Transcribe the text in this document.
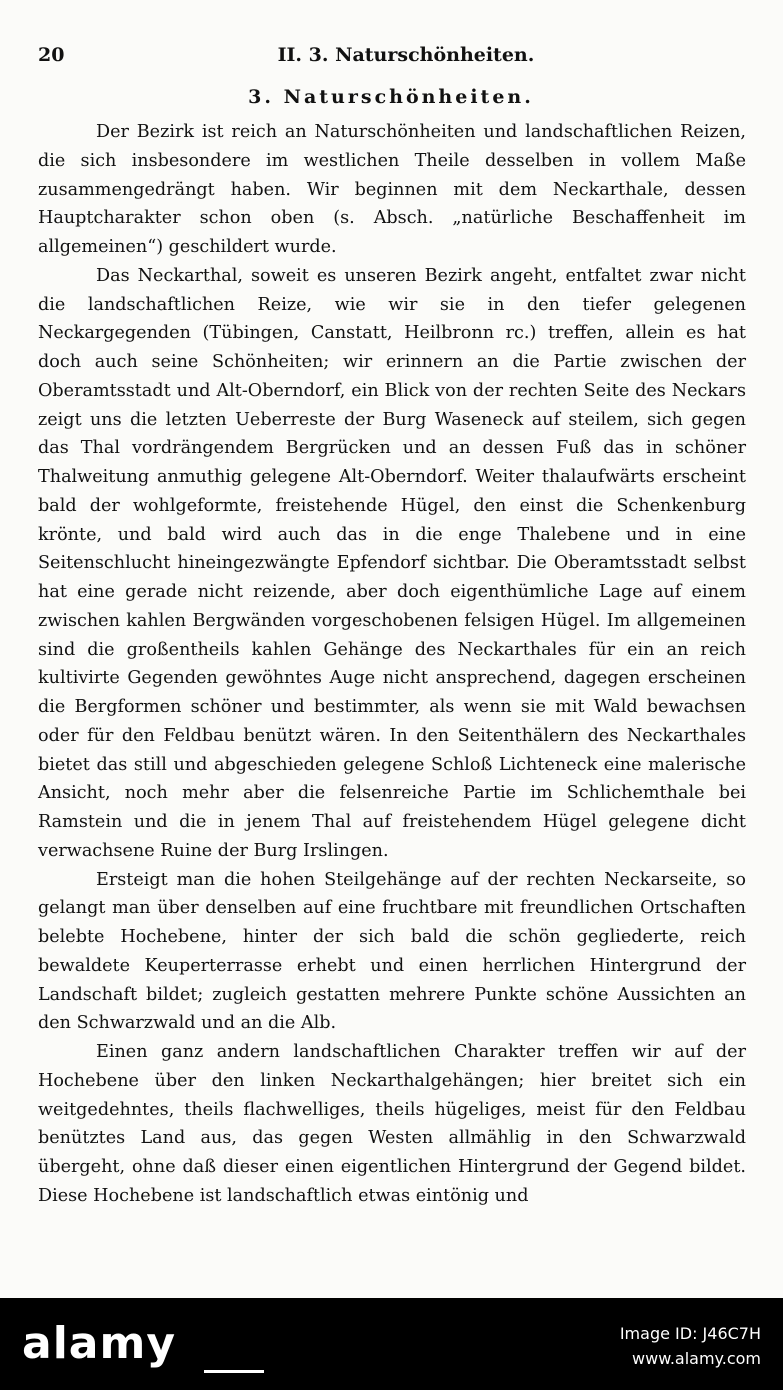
20	II. 3. Naturschönheiten.
3. Naturschönheiten.

Der Bezirk ist reich an Naturschönheiten und landschaftlichen Reizen, die sich insbesondere im westlichen Theile desselben in vollem Maße zusammengedrängt haben. Wir beginnen mit dem Neckarthale, dessen Hauptcharakter schon oben (s. Absch. „natürliche Beschaffenheit im allgemeinen“) geschildert wurde.

Das Neckarthal, soweit es unseren Bezirk angeht, entfaltet zwar nicht die landschaftlichen Reize, wie wir sie in den tiefer gelegenen Neckargegenden (Tübingen, Canstatt, Heilbronn rc.) treffen, allein es hat doch auch seine Schönheiten; wir erinnern an die Partie zwischen der Oberamtsstadt und Alt-Oberndorf, ein Blick von der rechten Seite des Neckars zeigt uns die letzten Ueberreste der Burg Waseneck auf steilem, sich gegen das Thal vordrängendem Bergrücken und an dessen Fuß das in schöner Thalweitung anmuthig gelegene Alt-Oberndorf. Weiter thalaufwärts erscheint bald der wohlgeformte, freistehende Hügel, den einst die Schenkenburg krönte, und bald wird auch das in die enge Thalebene und in eine Seitenschlucht hineingezwängte Epfendorf sichtbar. Die Oberamtsstadt selbst hat eine gerade nicht reizende, aber doch eigenthümliche Lage auf einem zwischen kahlen Bergwänden vorgeschobenen felsigen Hügel. Im allgemeinen sind die großentheils kahlen Gehänge des Neckarthales für ein an reich kultivirte Gegenden gewöhntes Auge nicht ansprechend, dagegen erscheinen die Bergformen schöner und bestimmter, als wenn sie mit Wald bewachsen oder für den Feldbau benützt wären. In den Seitenthälern des Neckarthales bietet das still und abgeschieden gelegene Schloß Lichteneck eine malerische Ansicht, noch mehr aber die felsenreiche Partie im Schlichemthale bei Ramstein und die in jenem Thal auf freistehendem Hügel gelegene dicht verwachsene Ruine der Burg Irslingen.

Ersteigt man die hohen Steilgehänge auf der rechten Neckarseite, so gelangt man über denselben auf eine fruchtbare mit freundlichen Ortschaften belebte Hochebene, hinter der sich bald die schön gegliederte, reich bewaldete Keuperterrasse erhebt und einen herrlichen Hintergrund der Landschaft bildet; zugleich gestatten mehrere Punkte schöne Aussichten an den Schwarzwald und an die Alb.

Einen ganz andern landschaftlichen Charakter treffen wir auf der Hochebene über den linken Neckarthalgehängen; hier breitet sich ein weitgedehntes, theils flachwelliges, theils hügeliges, meist für den Feldbau benütztes Land aus, das gegen Westen allmählig in den Schwarzwald übergeht, ohne daß dieser einen eigentlichen Hintergrund der Gegend bildet. Diese Hochebene ist landschaftlich etwas eintönig und

alamy	Image ID: J46C7H
www.alamy.com
